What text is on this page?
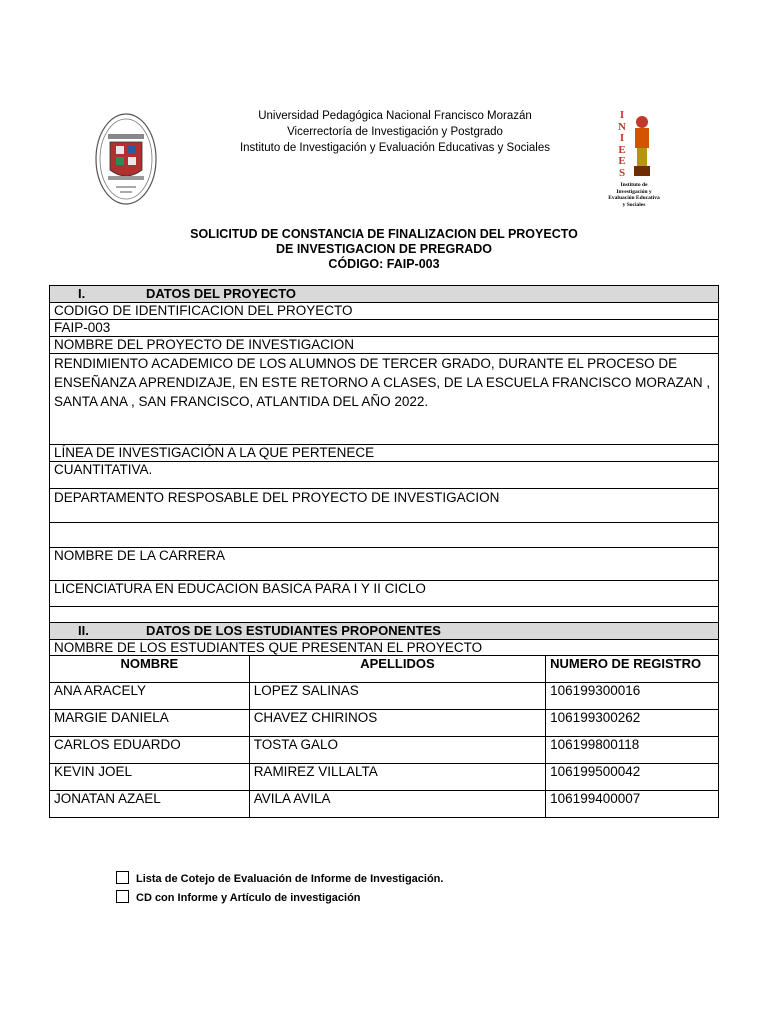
Universidad Pedagógica Nacional Francisco Morazán
Vicerrectoría de Investigación y Postgrado
Instituto de Investigación y Evaluación Educativas y Sociales
I
N
I
E
E
S
Instituto de
Investigación y
Evaluación Educativa
y Sociales
SOLICITUD DE CONSTANCIA DE FINALIZACION DEL PROYECTO
DE INVESTIGACION DE PREGRADO
CÓDIGO: FAIP-003
I. DATOS DEL PROYECTO		
CODIGO DE IDENTIFICACION DEL PROYECTO		
FAIP-003		
NOMBRE DEL PROYECTO DE INVESTIGACION		
RENDIMIENTO ACADEMICO DE LOS ALUMNOS DE TERCER GRADO, DURANTE EL PROCESO DE ENSEÑANZA APRENDIZAJE, EN ESTE RETORNO A CLASES, DE LA ESCUELA FRANCISCO MORAZAN , SANTA ANA , SAN FRANCISCO, ATLANTIDA DEL AÑO 2022.		
LÍNEA DE INVESTIGACIÓN A LA QUE PERTENECE		
CUANTITATIVA.		
DEPARTAMENTO RESPOSABLE DEL PROYECTO DE INVESTIGACION		

NOMBRE DE LA CARRERA		
LICENCIATURA EN EDUCACION BASICA PARA I Y II CICLO		

II. DATOS DE LOS ESTUDIANTES PROPONENTES		
NOMBRE DE LOS ESTUDIANTES QUE PRESENTAN EL PROYECTO		
NOMBRE	APELLIDOS	NUMERO DE REGISTRO
ANA ARACELY	LOPEZ SALINAS	106199300016
MARGIE DANIELA	CHAVEZ CHIRINOS	106199300262
CARLOS EDUARDO	TOSTA GALO	106199800118
KEVIN JOEL	RAMIREZ VILLALTA	106199500042
JONATAN AZAEL	AVILA AVILA	106199400007
Lista de Cotejo de Evaluación de Informe de Investigación.
CD con Informe y Artículo de investigación
